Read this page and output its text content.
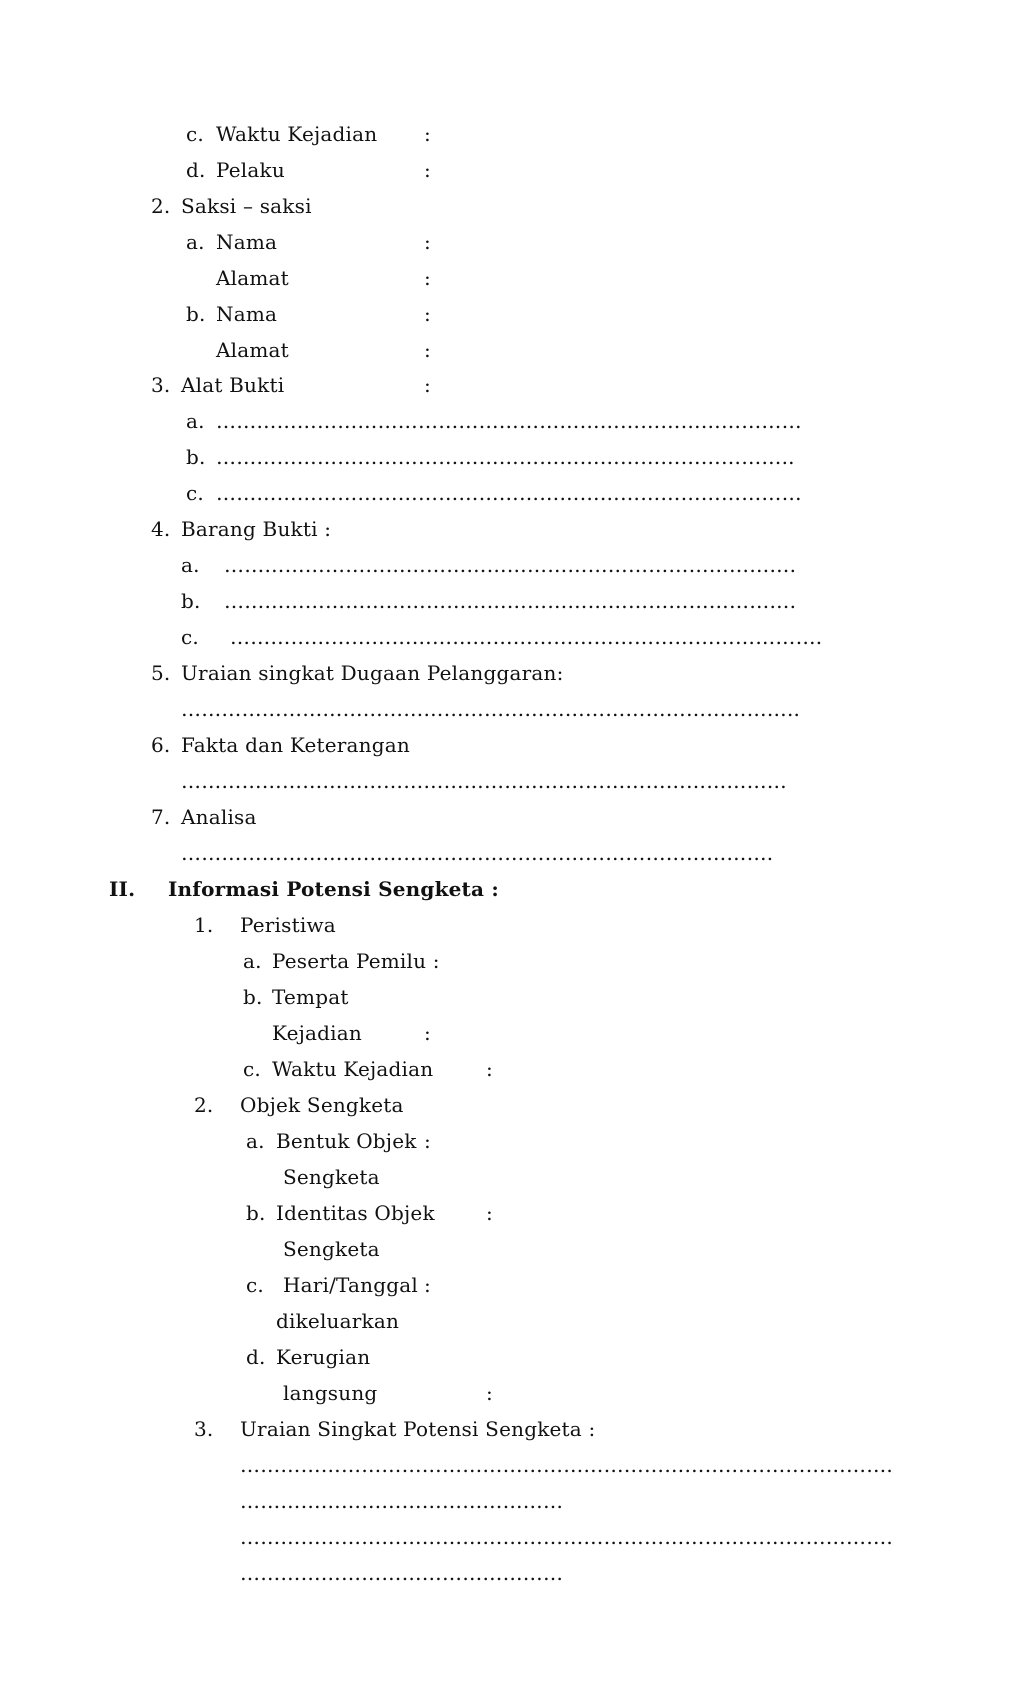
c. Waktu Kejadian :
d. Pelaku	:
2. Saksi – saksi
a. Nama	:
Alamat	:
b. Nama	:
Alamat	:
3. Alat Bukti	:
a. ……………………………………………………………………………
b. …………………………………………………………………………..
c. ……………………………………………………………………………
4. Barang Bukti :
a. ………………………………………………………………………….
b. ………………………………………………………………………….
c. …………………………………………………………………………….
5. Uraian singkat Dugaan Pelanggaran:
………………………………………………………………………………..
6. Fakta dan Keterangan
………………………………………………………………………………
7. Analisa
…………………………………………………………………………….
II. Informasi Potensi Sengketa :
1. Peristiwa
a. Peserta Pemilu :
b. Tempat
Kejadian	:
c. Waktu Kejadian	:
2. Objek Sengketa
a. Bentuk Objek :
Sengketa
b. Identitas Objek	:
Sengketa
c. Hari/Tanggal :
dikeluarkan
d. Kerugian
langsung	:
3. Uraian Singkat Potensi Sengketa :
…………………………………………………………………………………….
…………………………………………
…………………………………………………………………………………….
…………………………………………
